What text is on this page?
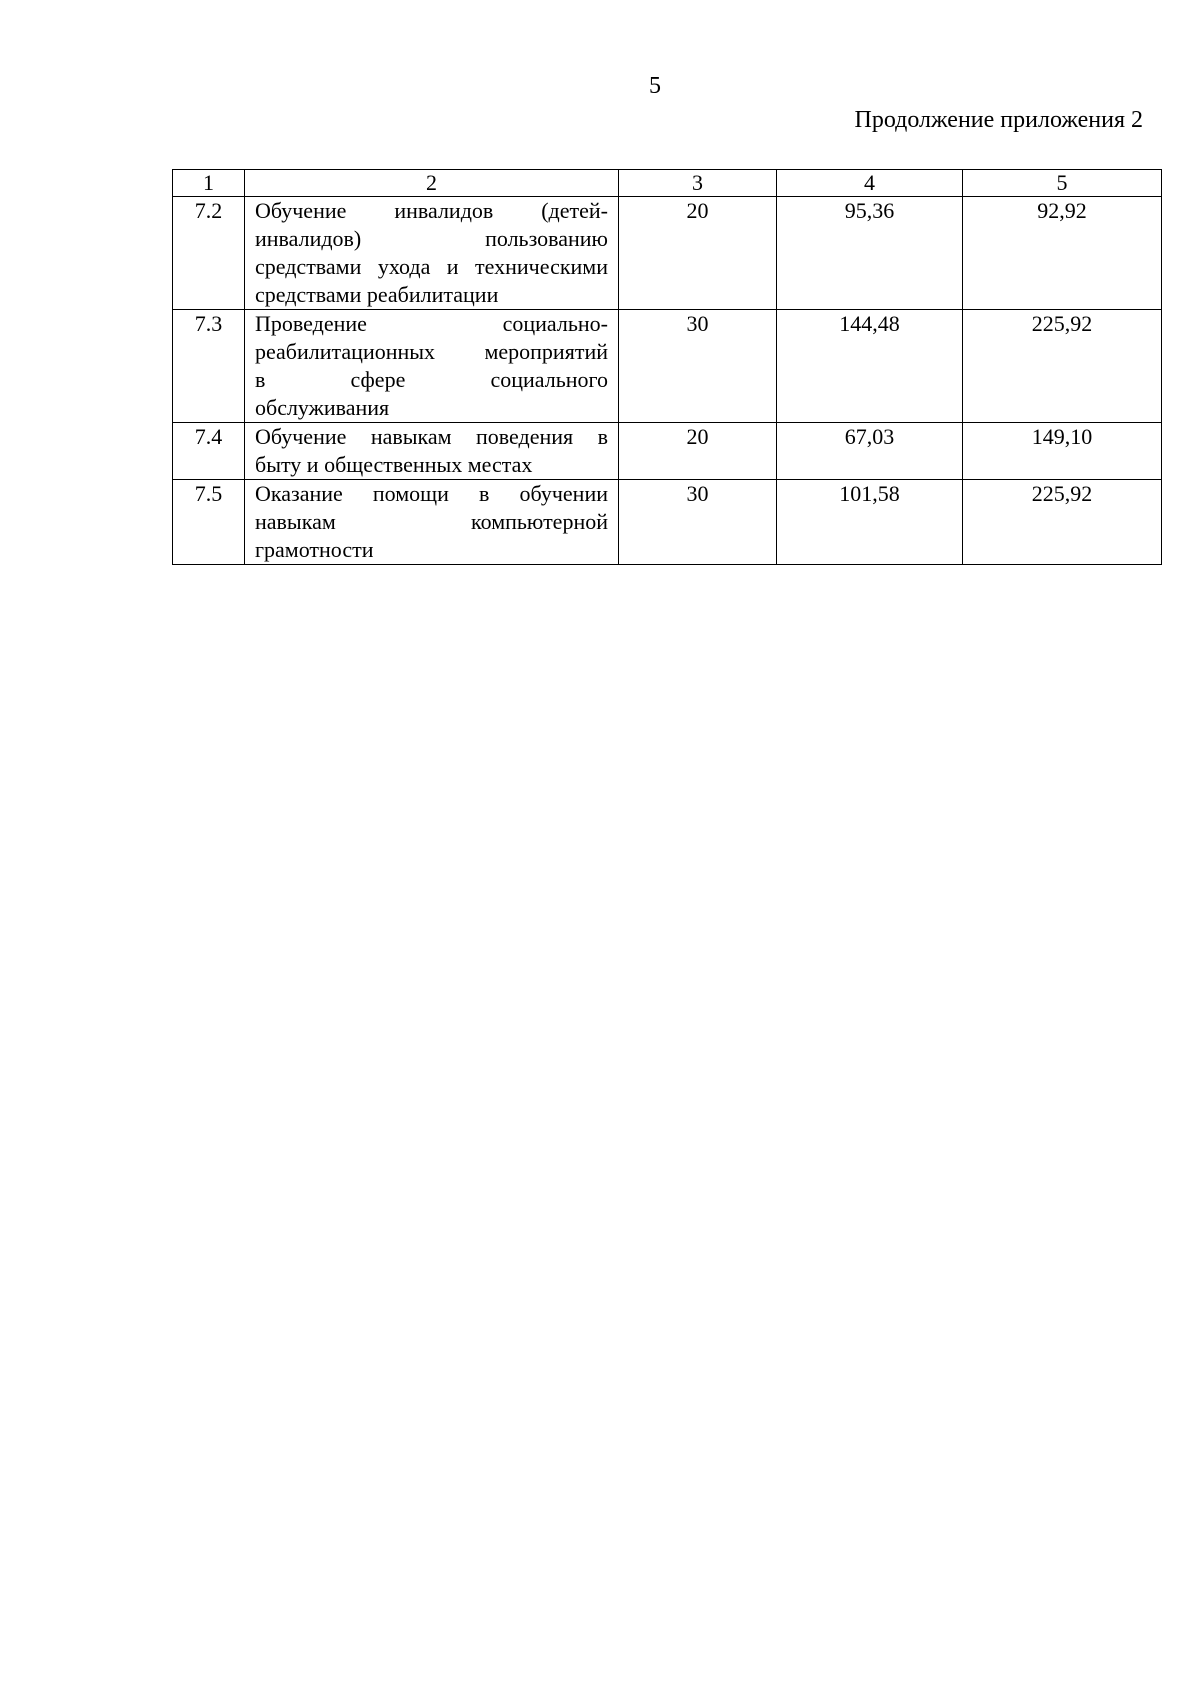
5
Продолжение приложения 2
1	2	3	4	5
7.2	Обучение инвалидов (детей-
инвалидов) пользованию
средствами ухода и техническими
средствами реабилитации	20	95,36	92,92
7.3	Проведение социально-
реабилитационных мероприятий
в сфере социального
обслуживания	30	144,48	225,92
7.4	Обучение навыкам поведения в
быту и общественных местах	20	67,03	149,10
7.5	Оказание помощи в обучении
навыкам компьютерной
грамотности	30	101,58	225,92
